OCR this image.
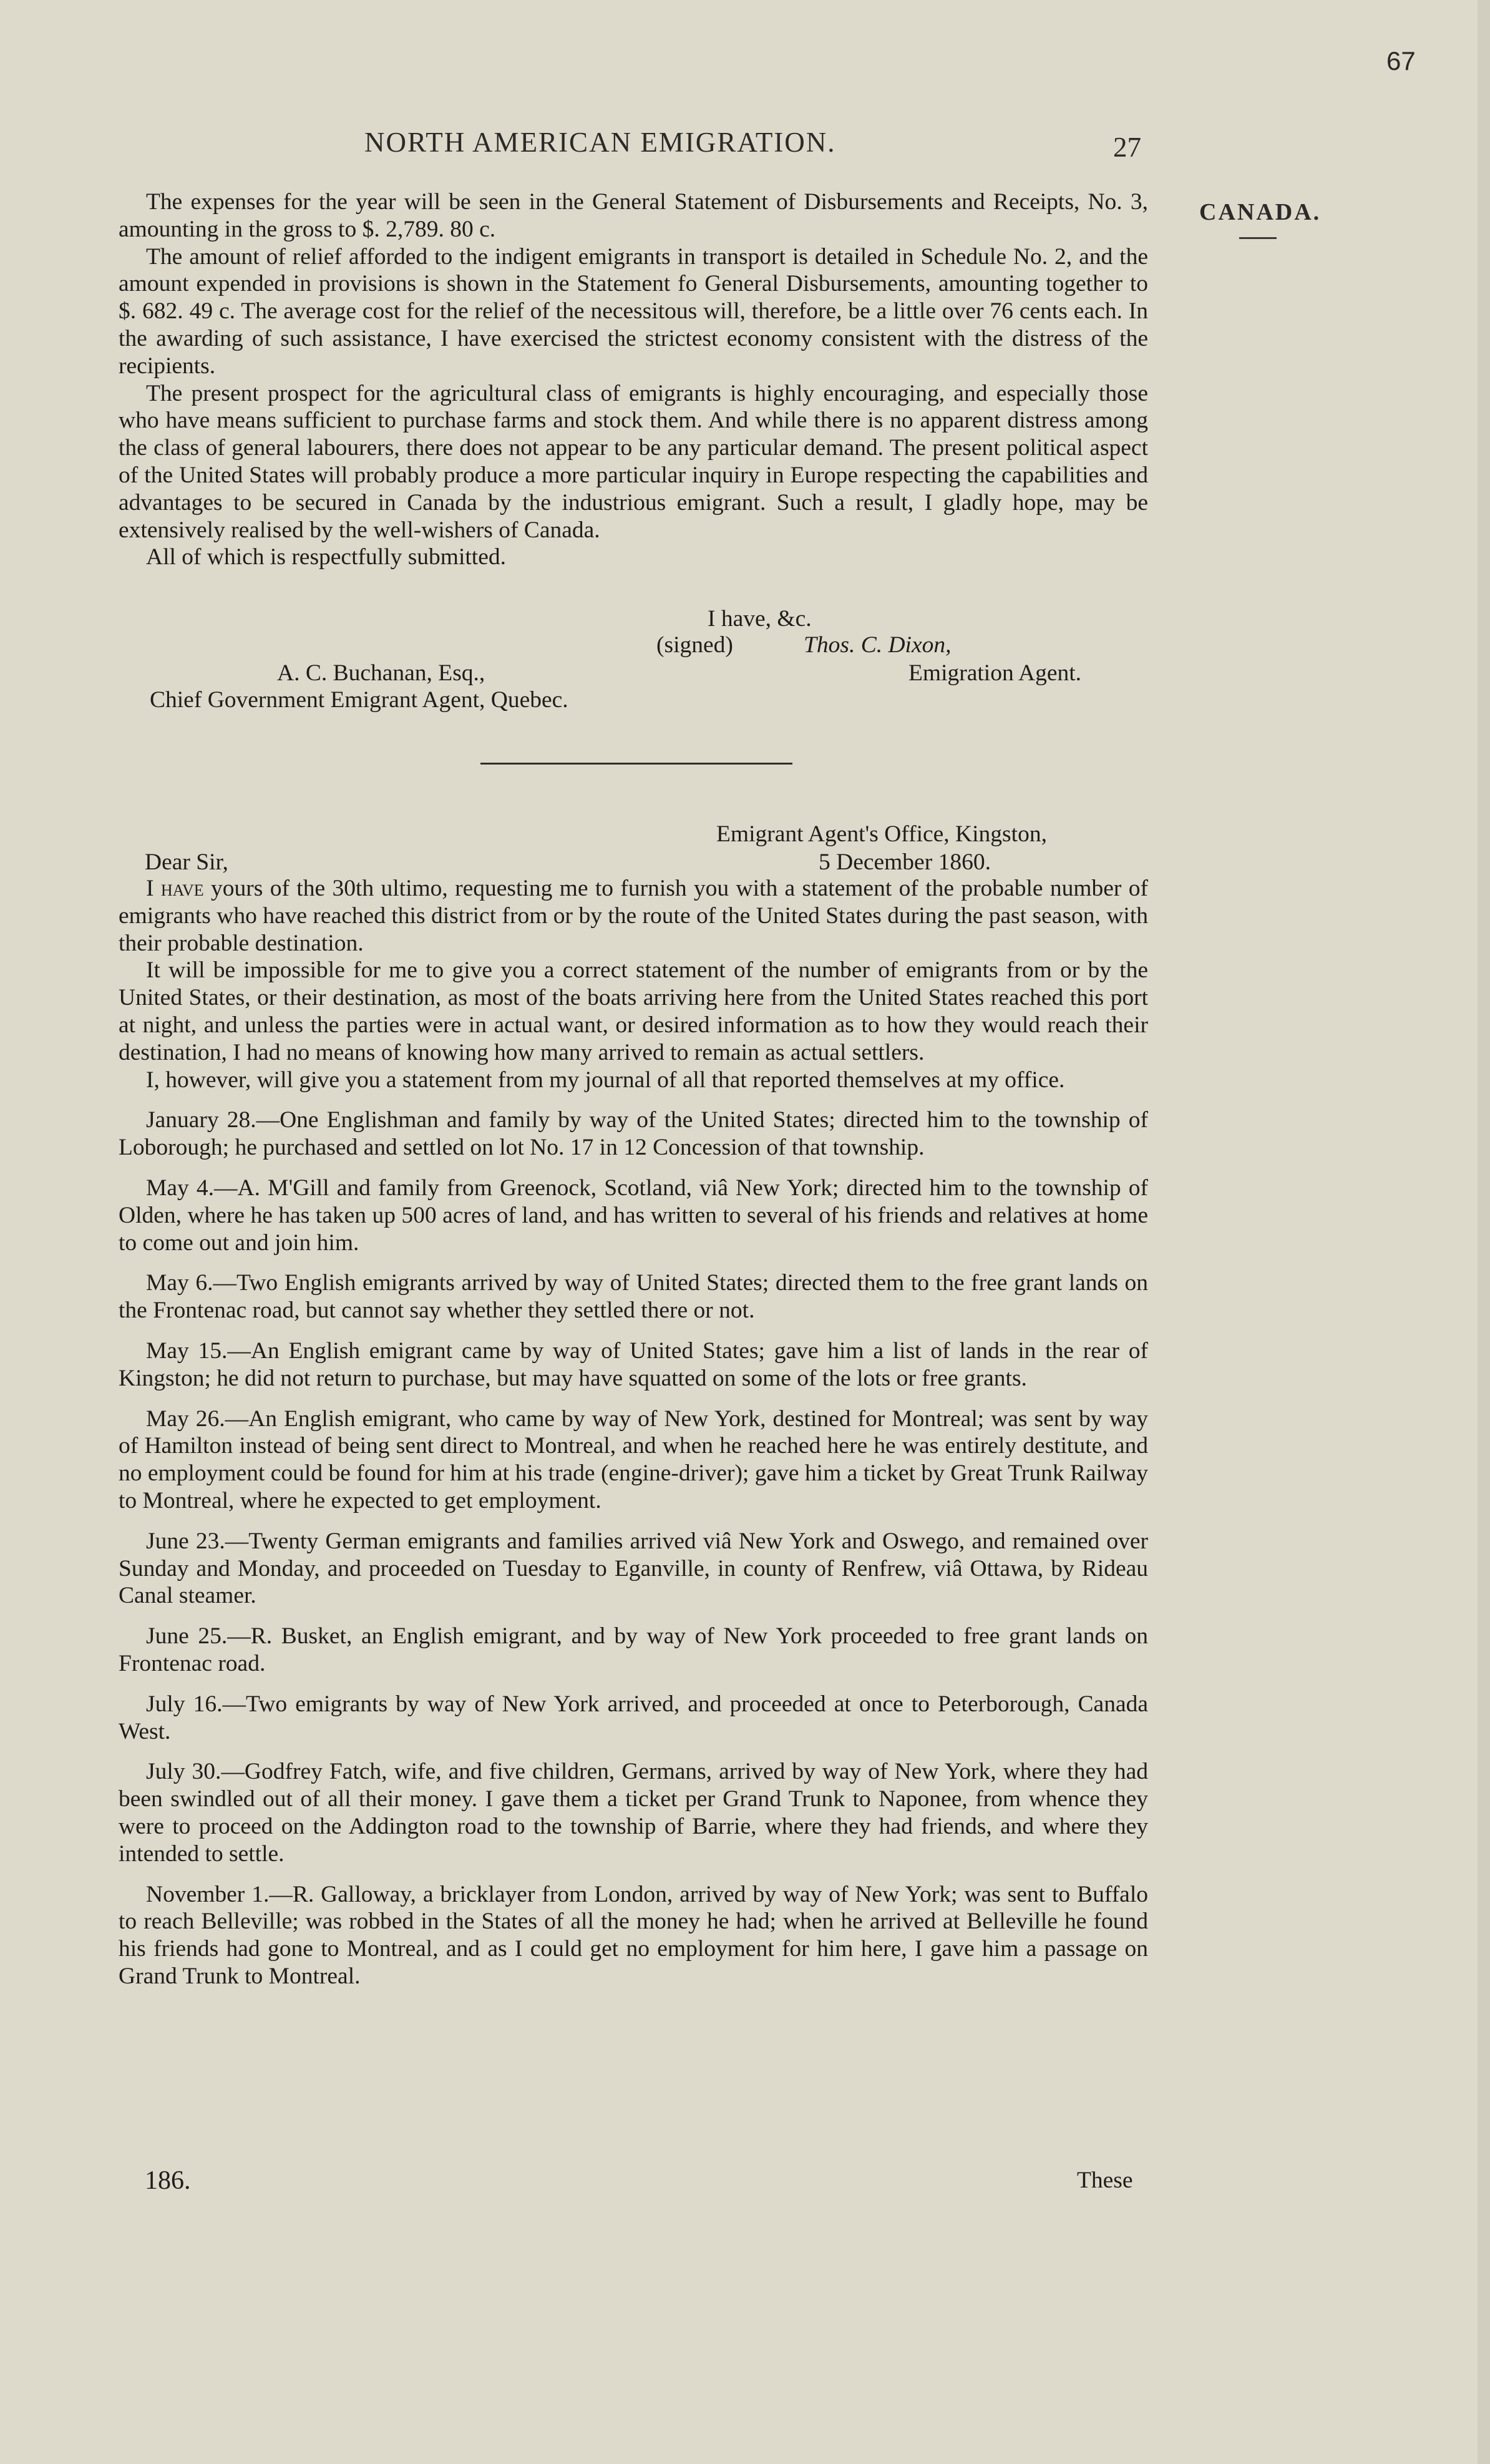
67
NORTH AMERICAN EMIGRATION.	27
CANADA.

The expenses for the year will be seen in the General Statement of Disbursements and Receipts, No. 3, amounting in the gross to $. 2,789. 80 c.

The amount of relief afforded to the indigent emigrants in transport is detailed in Schedule No. 2, and the amount expended in provisions is shown in the Statement fo General Disbursements, amounting together to $. 682. 49 c. The average cost for the relief of the necessitous will, therefore, be a little over 76 cents each. In the awarding of such assistance, I have exercised the strictest economy consistent with the distress of the recipients.

The present prospect for the agricultural class of emigrants is highly encouraging, and especially those who have means sufficient to purchase farms and stock them. And while there is no apparent distress among the class of general labourers, there does not appear to be any particular demand. The present political aspect of the United States will probably produce a more particular inquiry in Europe respecting the capabilities and advantages to be secured in Canada by the industrious emigrant. Such a result, I gladly hope, may be extensively realised by the well-wishers of Canada.

All of which is respectfully submitted.

I have, &c.
(signed)	Thos. C. Dixon,
A. C. Buchanan, Esq.,	Emigration Agent.
Chief Government Emigrant Agent, Quebec.
Emigrant Agent's Office, Kingston,
Dear Sir,	5 December 1860.

I have yours of the 30th ultimo, requesting me to furnish you with a statement of the probable number of emigrants who have reached this district from or by the route of the United States during the past season, with their probable destination.

It will be impossible for me to give you a correct statement of the number of emigrants from or by the United States, or their destination, as most of the boats arriving here from the United States reached this port at night, and unless the parties were in actual want, or desired information as to how they would reach their destination, I had no means of knowing how many arrived to remain as actual settlers.

I, however, will give you a statement from my journal of all that reported themselves at my office.

January 28.—One Englishman and family by way of the United States; directed him to the township of Loborough; he purchased and settled on lot No. 17 in 12 Concession of that township.

May 4.—A. M'Gill and family from Greenock, Scotland, viâ New York; directed him to the township of Olden, where he has taken up 500 acres of land, and has written to several of his friends and relatives at home to come out and join him.

May 6.—Two English emigrants arrived by way of United States; directed them to the free grant lands on the Frontenac road, but cannot say whether they settled there or not.

May 15.—An English emigrant came by way of United States; gave him a list of lands in the rear of Kingston; he did not return to purchase, but may have squatted on some of the lots or free grants.

May 26.—An English emigrant, who came by way of New York, destined for Montreal; was sent by way of Hamilton instead of being sent direct to Montreal, and when he reached here he was entirely destitute, and no employment could be found for him at his trade (engine-driver); gave him a ticket by Great Trunk Railway to Montreal, where he expected to get employment.

June 23.—Twenty German emigrants and families arrived viâ New York and Oswego, and remained over Sunday and Monday, and proceeded on Tuesday to Eganville, in county of Renfrew, viâ Ottawa, by Rideau Canal steamer.

June 25.—R. Busket, an English emigrant, and by way of New York proceeded to free grant lands on Frontenac road.

July 16.—Two emigrants by way of New York arrived, and proceeded at once to Peterborough, Canada West.

July 30.—Godfrey Fatch, wife, and five children, Germans, arrived by way of New York, where they had been swindled out of all their money. I gave them a ticket per Grand Trunk to Naponee, from whence they were to proceed on the Addington road to the township of Barrie, where they had friends, and where they intended to settle.

November 1.—R. Galloway, a bricklayer from London, arrived by way of New York; was sent to Buffalo to reach Belleville; was robbed in the States of all the money he had; when he arrived at Belleville he found his friends had gone to Montreal, and as I could get no employment for him here, I gave him a passage on Grand Trunk to Montreal.

186.	These
